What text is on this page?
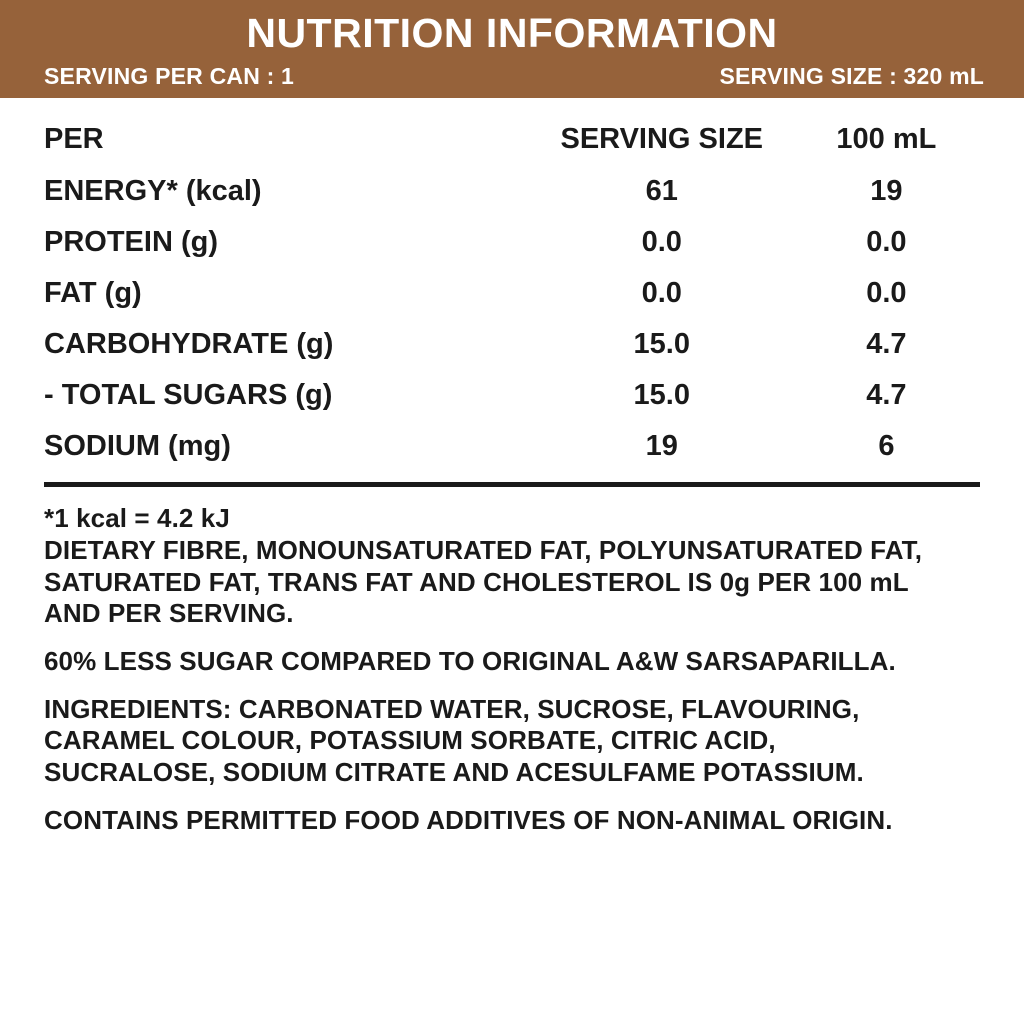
NUTRITION INFORMATION
SERVING PER CAN : 1	SERVING SIZE : 320 mL
PER	SERVING SIZE	100 mL
ENERGY* (kcal)	61	19
PROTEIN (g)	0.0	0.0
FAT (g)	0.0	0.0
CARBOHYDRATE (g)	15.0	4.7
- TOTAL SUGARS (g)	15.0	4.7
SODIUM (mg)	19	6

*1 kcal = 4.2 kJ
DIETARY FIBRE, MONOUNSATURATED FAT, POLYUNSATURATED FAT,
SATURATED FAT, TRANS FAT AND CHOLESTEROL IS 0g PER 100 mL
AND PER SERVING.

60% LESS SUGAR COMPARED TO ORIGINAL A&W SARSAPARILLA.

INGREDIENTS: CARBONATED WATER, SUCROSE, FLAVOURING,
CARAMEL COLOUR, POTASSIUM SORBATE, CITRIC ACID,
SUCRALOSE, SODIUM CITRATE AND ACESULFAME POTASSIUM.

CONTAINS PERMITTED FOOD ADDITIVES OF NON-ANIMAL ORIGIN.
